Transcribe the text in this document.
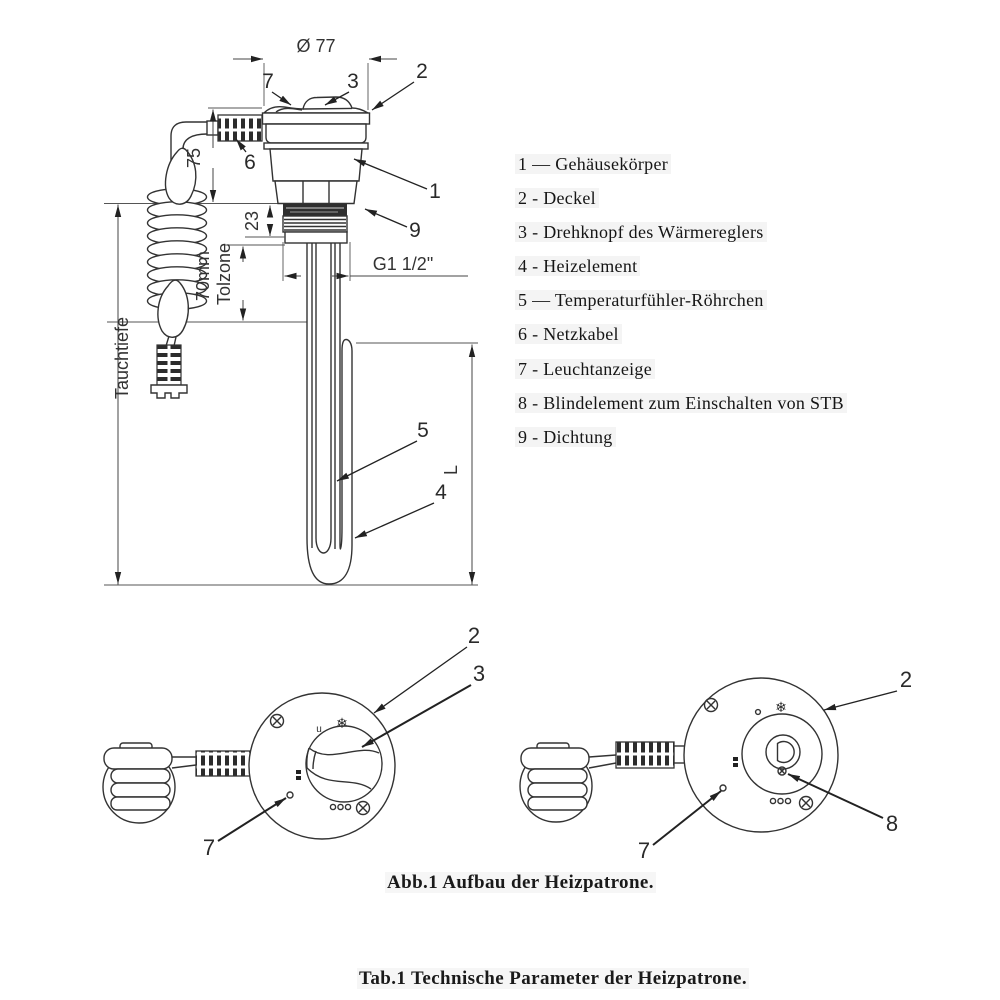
Ø 77
75
23
70mm Tolzone
Tauchtiefe
L
G1 1/2"
7	3	2
6
1
9
5
4
❄
u
2
3
7
❄
2
8
7
1 — Gehäusekörper
2 - Deckel
3 - Drehknopf des Wärmereglers
4 - Heizelement
5 — Temperaturfühler-Röhrchen
6 - Netzkabel
7 - Leuchtanzeige
8 - Blindelement zum Einschalten von STB
9 - Dichtung
Abb.1 Aufbau der Heizpatrone.
Tab.1 Technische Parameter der Heizpatrone.
